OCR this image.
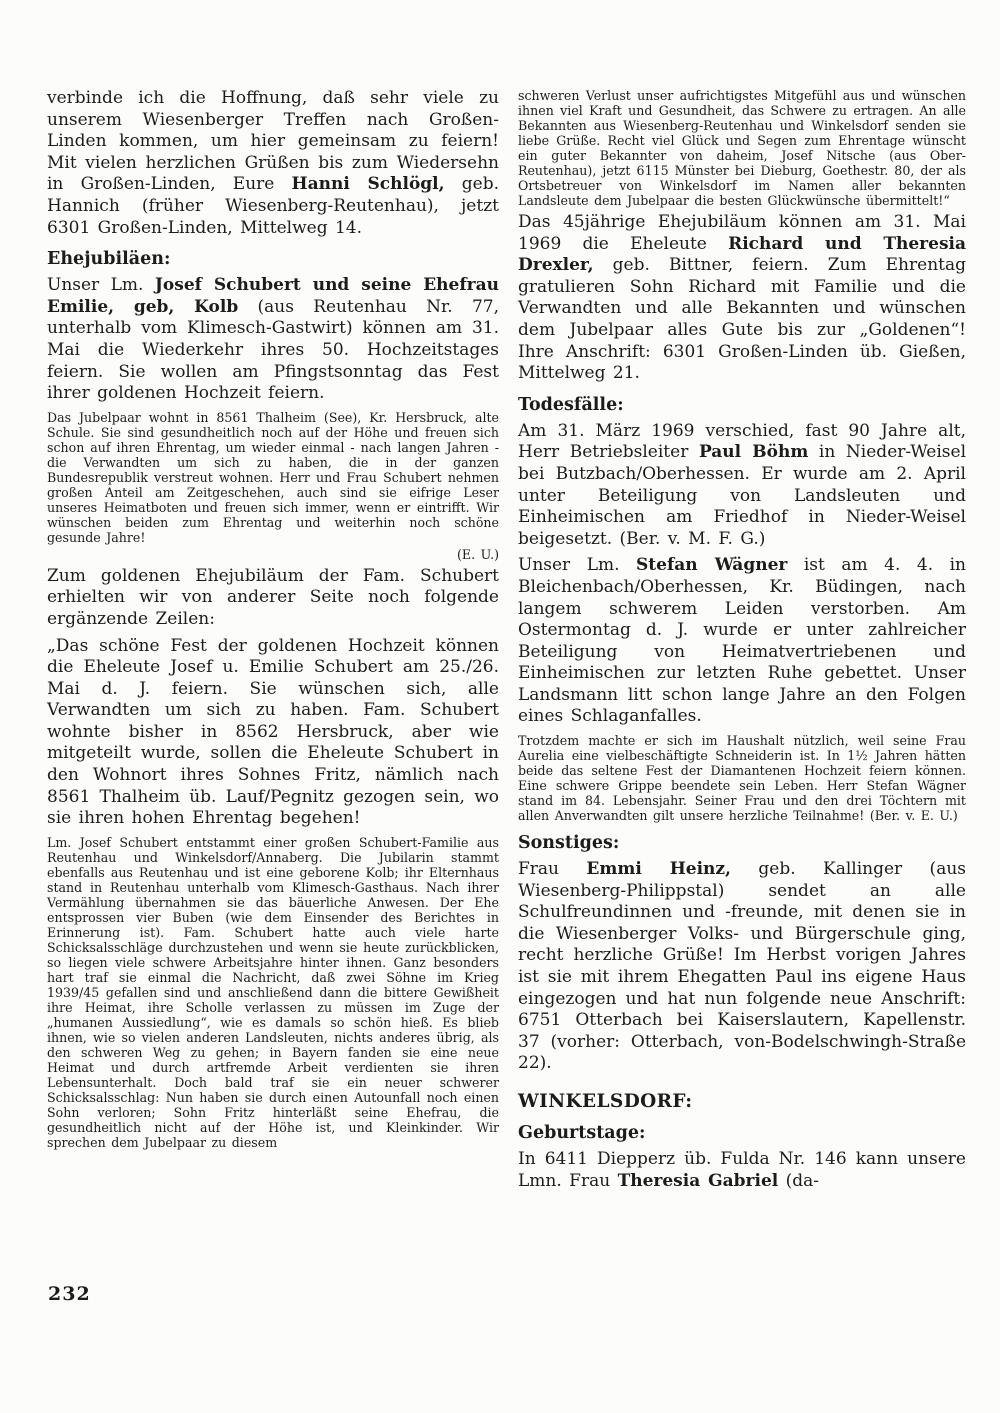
verbinde ich die Hoffnung, daß sehr viele zu unserem Wiesenberger Treffen nach Großen-Linden kommen, um hier gemeinsam zu feiern! Mit vielen herzlichen Grüßen bis zum Wiedersehn in Großen-Linden, Eure Hanni Schlögl, geb. Hannich (früher Wiesenberg-Reutenhau), jetzt 6301 Großen-Linden, Mittelweg 14.

Ehejubiläen:

Unser Lm. Josef Schubert und seine Ehefrau Emilie, geb, Kolb (aus Reutenhau Nr. 77, unterhalb vom Klimesch-Gastwirt) können am 31. Mai die Wiederkehr ihres 50. Hochzeitstages feiern. Sie wollen am Pfingstsonntag das Fest ihrer goldenen Hochzeit feiern.

Das Jubelpaar wohnt in 8561 Thalheim (See), Kr. Hersbruck, alte Schule. Sie sind gesundheitlich noch auf der Höhe und freuen sich schon auf ihren Ehrentag, um wieder einmal - nach langen Jahren - die Verwandten um sich zu haben, die in der ganzen Bundesrepublik verstreut wohnen. Herr und Frau Schubert nehmen großen Anteil am Zeitgeschehen, auch sind sie eifrige Leser unseres Heimatboten und freuen sich immer, wenn er eintrifft. Wir wünschen beiden zum Ehrentag und weiterhin noch schöne gesunde Jahre!

(E. U.)

Zum goldenen Ehejubiläum der Fam. Schubert erhielten wir von anderer Seite noch folgende ergänzende Zeilen:

„Das schöne Fest der goldenen Hochzeit können die Eheleute Josef u. Emilie Schubert am 25./26. Mai d. J. feiern. Sie wünschen sich, alle Verwandten um sich zu haben. Fam. Schubert wohnte bisher in 8562 Hersbruck, aber wie mitgeteilt wurde, sollen die Eheleute Schubert in den Wohnort ihres Sohnes Fritz, nämlich nach 8561 Thalheim üb. Lauf/Pegnitz gezogen sein, wo sie ihren hohen Ehrentag begehen!

Lm. Josef Schubert entstammt einer großen Schubert-Familie aus Reutenhau und Winkelsdorf/Annaberg. Die Jubilarin stammt ebenfalls aus Reutenhau und ist eine geborene Kolb; ihr Elternhaus stand in Reutenhau unterhalb vom Klimesch-Gasthaus. Nach ihrer Vermählung übernahmen sie das bäuerliche Anwesen. Der Ehe entsprossen vier Buben (wie dem Einsender des Berichtes in Erinnerung ist). Fam. Schubert hatte auch viele harte Schicksalsschläge durchzustehen und wenn sie heute zurückblicken, so liegen viele schwere Arbeitsjahre hinter ihnen. Ganz besonders hart traf sie einmal die Nachricht, daß zwei Söhne im Krieg 1939/45 gefallen sind und anschließend dann die bittere Gewißheit ihre Heimat, ihre Scholle verlassen zu müssen im Zuge der „humanen Aussiedlung“, wie es damals so schön hieß. Es blieb ihnen, wie so vielen anderen Landsleuten, nichts anderes übrig, als den schweren Weg zu gehen; in Bayern fanden sie eine neue Heimat und durch artfremde Arbeit verdienten sie ihren Lebensunterhalt. Doch bald traf sie ein neuer schwerer Schicksalsschlag: Nun haben sie durch einen Autounfall noch einen Sohn verloren; Sohn Fritz hinterläßt seine Ehefrau, die gesundheitlich nicht auf der Höhe ist, und Kleinkinder. Wir sprechen dem Jubelpaar zu diesem

schweren Verlust unser aufrichtigstes Mitgefühl aus und wünschen ihnen viel Kraft und Gesundheit, das Schwere zu ertragen. An alle Bekannten aus Wiesenberg-Reutenhau und Winkelsdorf senden sie liebe Grüße. Recht viel Glück und Segen zum Ehrentage wünscht ein guter Bekannter von daheim, Josef Nitsche (aus Ober-Reutenhau), jetzt 6115 Münster bei Dieburg, Goethestr. 80, der als Ortsbetreuer von Winkelsdorf im Namen aller bekannten Landsleute dem Jubelpaar die besten Glückwünsche übermittelt!“

Das 45jährige Ehejubiläum können am 31. Mai 1969 die Eheleute Richard und Theresia Drexler, geb. Bittner, feiern. Zum Ehrentag gratulieren Sohn Richard mit Familie und die Verwandten und alle Bekannten und wünschen dem Jubelpaar alles Gute bis zur „Goldenen“! Ihre Anschrift: 6301 Großen-Linden üb. Gießen, Mittelweg 21.

Todesfälle:

Am 31. März 1969 verschied, fast 90 Jahre alt, Herr Betriebsleiter Paul Böhm in Nieder-Weisel bei Butzbach/Oberhessen. Er wurde am 2. April unter Beteiligung von Landsleuten und Einheimischen am Friedhof in Nieder-Weisel beigesetzt. (Ber. v. M. F. G.)

Unser Lm. Stefan Wägner ist am 4. 4. in Bleichenbach/Oberhessen, Kr. Büdingen, nach langem schwerem Leiden verstorben. Am Ostermontag d. J. wurde er unter zahlreicher Beteiligung von Heimatvertriebenen und Einheimischen zur letzten Ruhe gebettet. Unser Landsmann litt schon lange Jahre an den Folgen eines Schlaganfalles.

Trotzdem machte er sich im Haushalt nützlich, weil seine Frau Aurelia eine vielbeschäftigte Schneiderin ist. In 1½ Jahren hätten beide das seltene Fest der Diamantenen Hochzeit feiern können. Eine schwere Grippe beendete sein Leben. Herr Stefan Wägner stand im 84. Lebensjahr. Seiner Frau und den drei Töchtern mit allen Anverwandten gilt unsere herzliche Teilnahme! (Ber. v. E. U.)

Sonstiges:

Frau Emmi Heinz, geb. Kallinger (aus Wiesenberg-Philippstal) sendet an alle Schulfreundinnen und -freunde, mit denen sie in die Wiesenberger Volks- und Bürgerschule ging, recht herzliche Grüße! Im Herbst vorigen Jahres ist sie mit ihrem Ehegatten Paul ins eigene Haus eingezogen und hat nun folgende neue Anschrift: 6751 Otterbach bei Kaiserslautern, Kapellenstr. 37 (vorher: Otterbach, von-Bodelschwingh-Straße 22).

WINKELSDORF:
Geburtstage:

In 6411 Diepperz üb. Fulda Nr. 146 kann unsere Lmn. Frau Theresia Gabriel (da-

232
